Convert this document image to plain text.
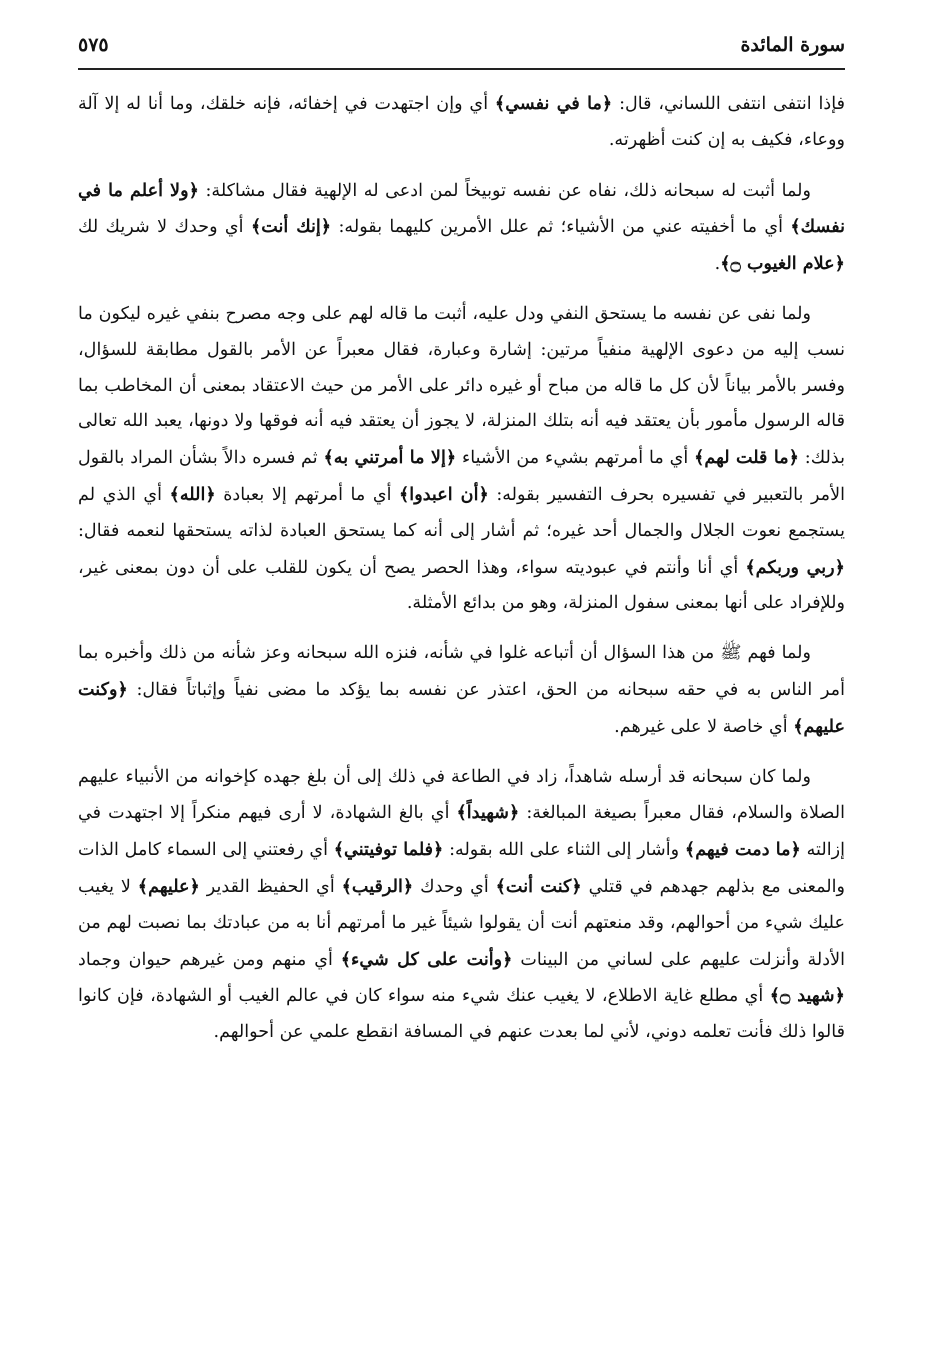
سورة المائدة
٥٧٥

فإذا انتفى انتفى اللساني، قال: ﴿ما في نفسي﴾ أي وإن اجتهدت في إخفائه، فإنه خلقك، وما أنا له إلا آلة ووعاء، فكيف به إن كنت أظهرته.

ولما أثبت له سبحانه ذلك، نفاه عن نفسه توبيخاً لمن ادعى له الإلهية فقال مشاكلة: ﴿ولا أعلم ما في نفسك﴾ أي ما أخفيته عني من الأشياء؛ ثم علل الأمرين كليهما بقوله: ﴿إنك أنت﴾ أي وحدك لا شريك لك ﴿علام الغيوب ۝﴾.

ولما نفى عن نفسه ما يستحق النفي ودل عليه، أثبت ما قاله لهم على وجه مصرح بنفي غيره ليكون ما نسب إليه من دعوى الإلهية منفياً مرتين: إشارة وعبارة، فقال معبراً عن الأمر بالقول مطابقة للسؤال، وفسر بالأمر بياناً لأن كل ما قاله من مباح أو غيره دائر على الأمر من حيث الاعتقاد بمعنى أن المخاطب بما قاله الرسول مأمور بأن يعتقد فيه أنه بتلك المنزلة، لا يجوز أن يعتقد فيه أنه فوقها ولا دونها، يعبد الله تعالى بذلك: ﴿ما قلت لهم﴾ أي ما أمرتهم بشيء من الأشياء ﴿إلا ما أمرتني به﴾ ثم فسره دالاً بشأن المراد بالقول الأمر بالتعبير في تفسيره بحرف التفسير بقوله: ﴿أن اعبدوا﴾ أي ما أمرتهم إلا بعبادة ﴿الله﴾ أي الذي لم يستجمع نعوت الجلال والجمال أحد غيره؛ ثم أشار إلى أنه كما يستحق العبادة لذاته يستحقها لنعمه فقال: ﴿ربي وربكم﴾ أي أنا وأنتم في عبوديته سواء، وهذا الحصر يصح أن يكون للقلب على أن دون بمعنى غير، وللإفراد على أنها بمعنى سفول المنزلة، وهو من بدائع الأمثلة.

ولما فهم ﷺ من هذا السؤال أن أتباعه غلوا في شأنه، فنزه الله سبحانه وعز شأنه من ذلك وأخبره بما أمر الناس به في حقه سبحانه من الحق، اعتذر عن نفسه بما يؤكد ما مضى نفياً وإثباتاً فقال: ﴿وكنت عليهم﴾ أي خاصة لا على غيرهم.

ولما كان سبحانه قد أرسله شاهداً، زاد في الطاعة في ذلك إلى أن بلغ جهده كإخوانه من الأنبياء عليهم الصلاة والسلام، فقال معبراً بصيغة المبالغة: ﴿شهيداً﴾ أي بالغ الشهادة، لا أرى فيهم منكراً إلا اجتهدت في إزالته ﴿ما دمت فيهم﴾ وأشار إلى الثناء على الله بقوله: ﴿فلما توفيتني﴾ أي رفعتني إلى السماء كامل الذات والمعنى مع بذلهم جهدهم في قتلي ﴿كنت أنت﴾ أي وحدك ﴿الرقيب﴾ أي الحفيظ القدير ﴿عليهم﴾ لا يغيب عليك شيء من أحوالهم، وقد منعتهم أنت أن يقولوا شيئاً غير ما أمرتهم أنا به من عبادتك بما نصبت لهم من الأدلة وأنزلت عليهم على لساني من البينات ﴿وأنت على كل شيء﴾ أي منهم ومن غيرهم حيوان وجماد ﴿شهيد ۝﴾ أي مطلع غاية الاطلاع، لا يغيب عنك شيء منه سواء كان في عالم الغيب أو الشهادة، فإن كانوا قالوا ذلك فأنت تعلمه دوني، لأني لما بعدت عنهم في المسافة انقطع علمي عن أحوالهم.
